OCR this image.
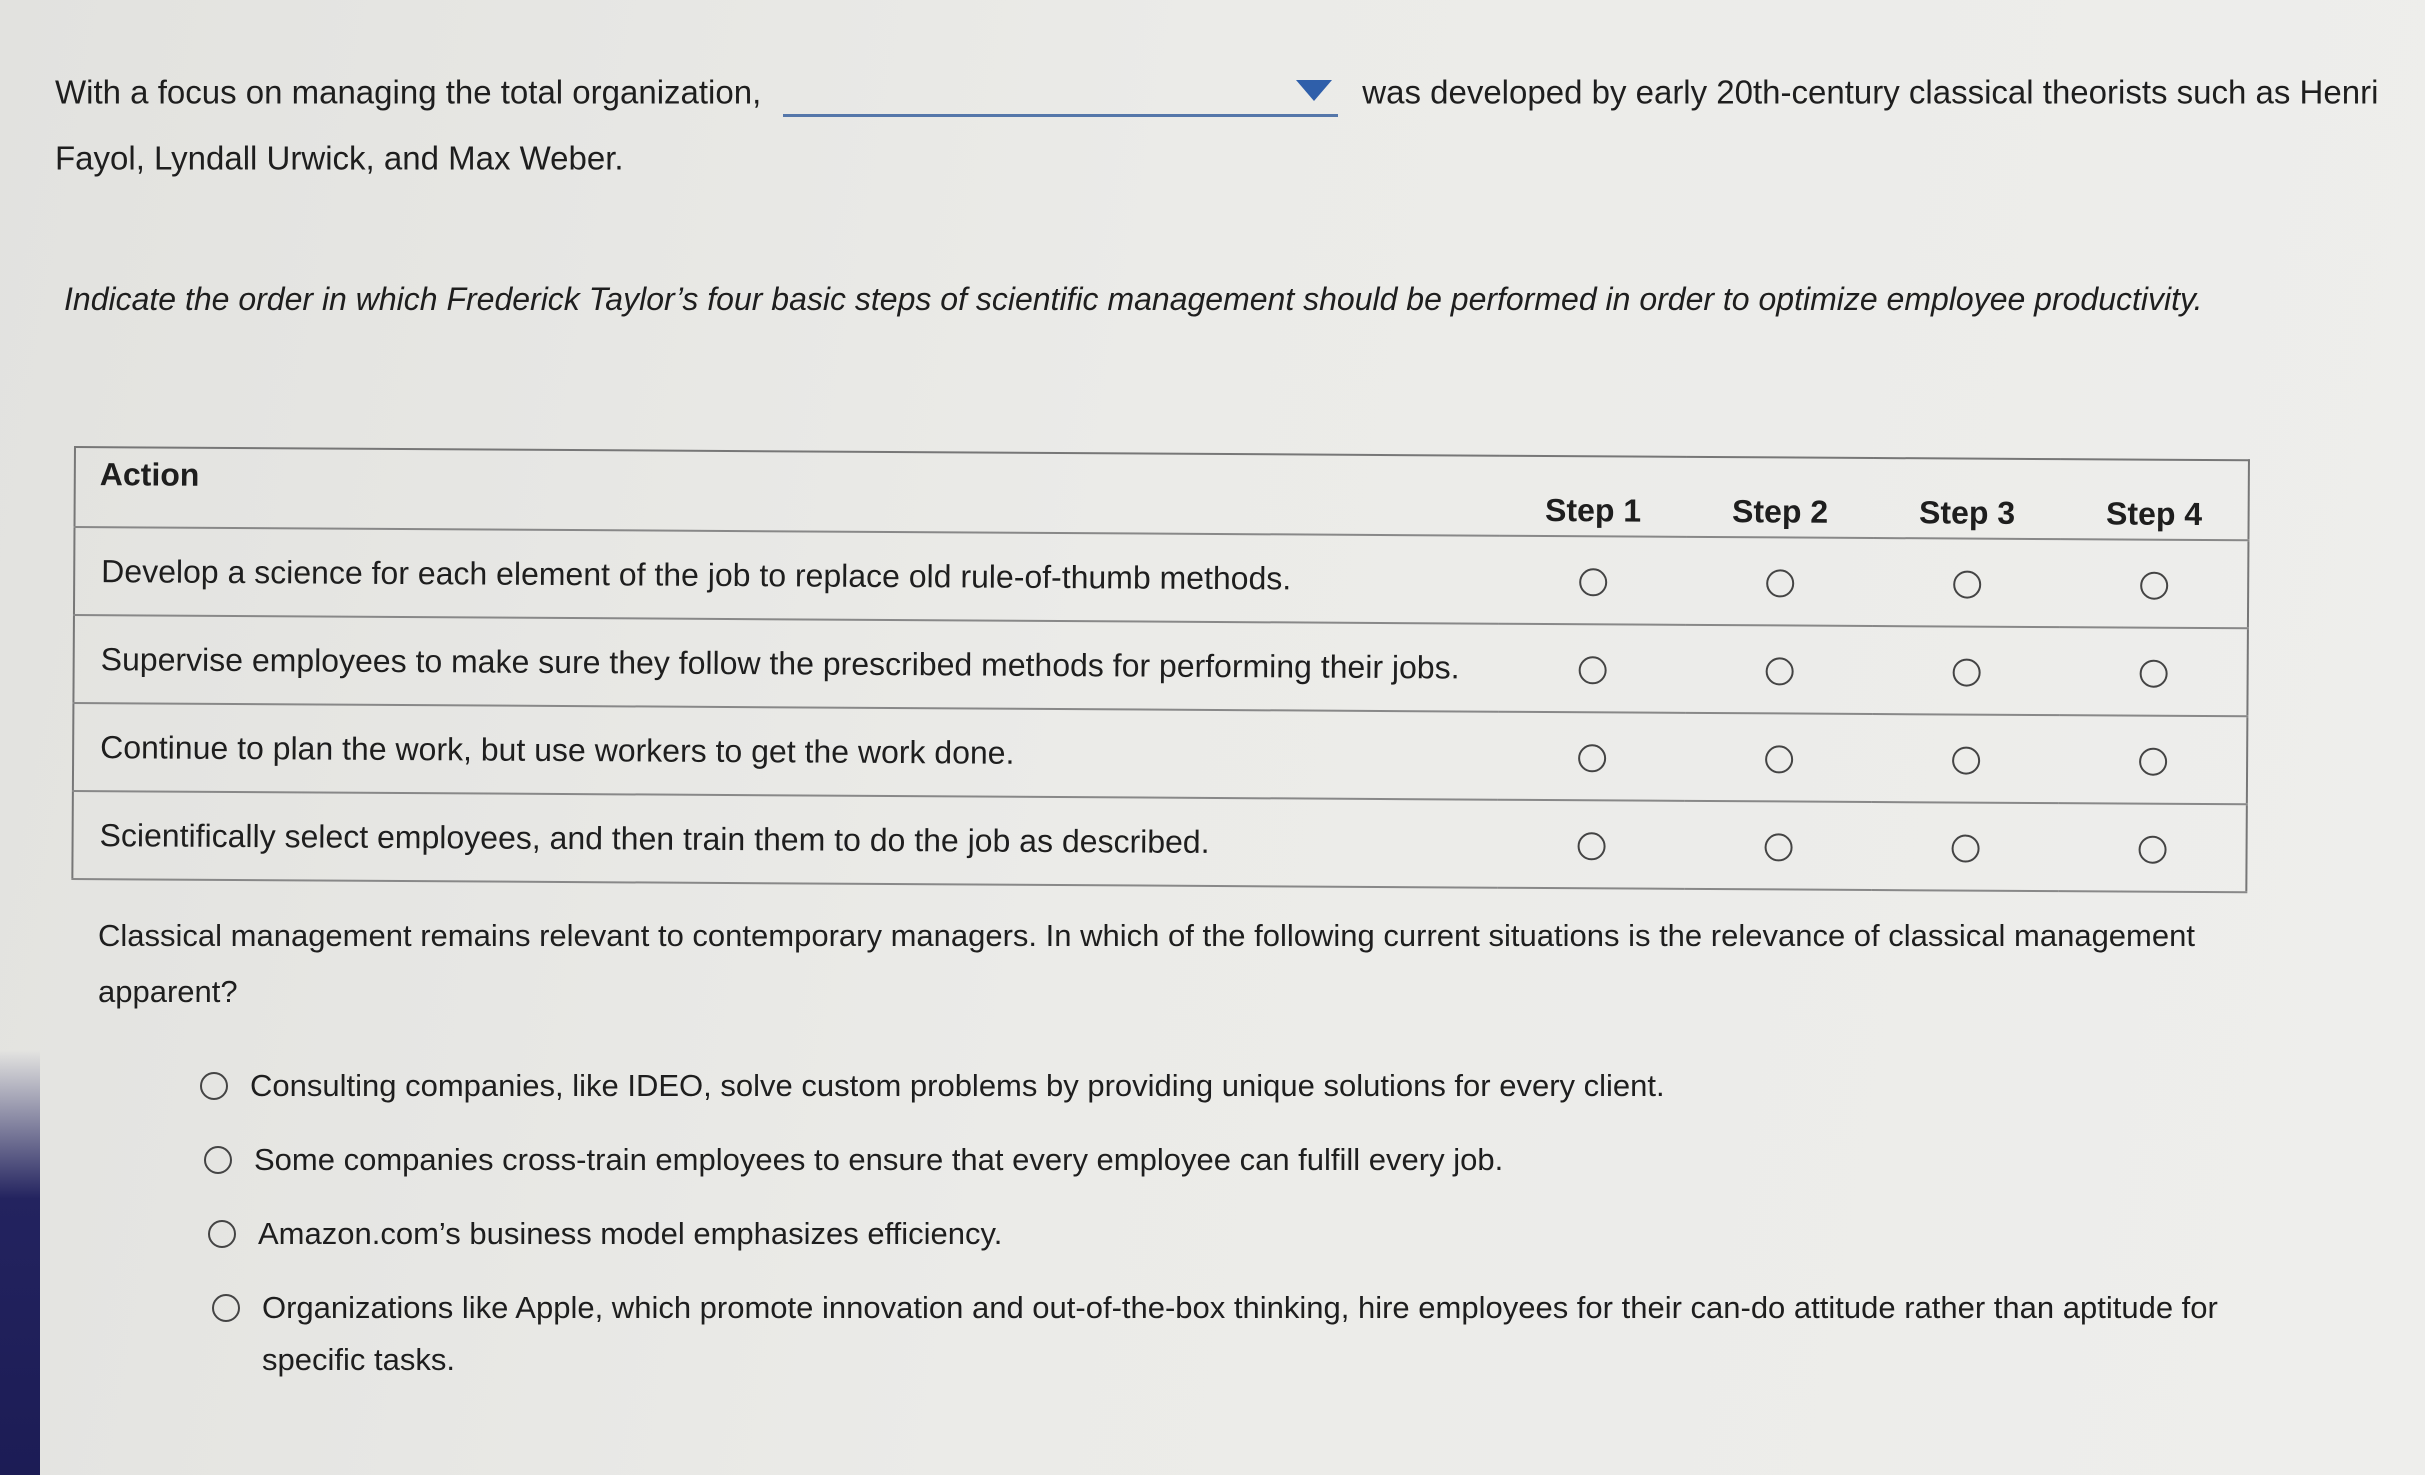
With a focus on managing the total organization,	was developed by early 20th-century classical theorists such as Henri Fayol, Lyndall Urwick, and Max Weber.
Indicate the order in which Frederick Taylor’s four basic steps of scientific management should be performed in order to optimize employee productivity.
Action	Step 1	Step 2	Step 3	Step 4
Develop a science for each element of the job to replace old rule-of-thumb methods.				
Supervise employees to make sure they follow the prescribed methods for performing their jobs.				
Continue to plan the work, but use workers to get the work done.				
Scientifically select employees, and then train them to do the job as described.				
Classical management remains relevant to contemporary managers. In which of the following current situations is the relevance of classical management apparent?
Consulting companies, like IDEO, solve custom problems by providing unique solutions for every client.
Some companies cross-train employees to ensure that every employee can fulfill every job.
Amazon.com’s business model emphasizes efficiency.
Organizations like Apple, which promote innovation and out-of-the-box thinking, hire employees for their can-do attitude rather than aptitude for specific tasks.
